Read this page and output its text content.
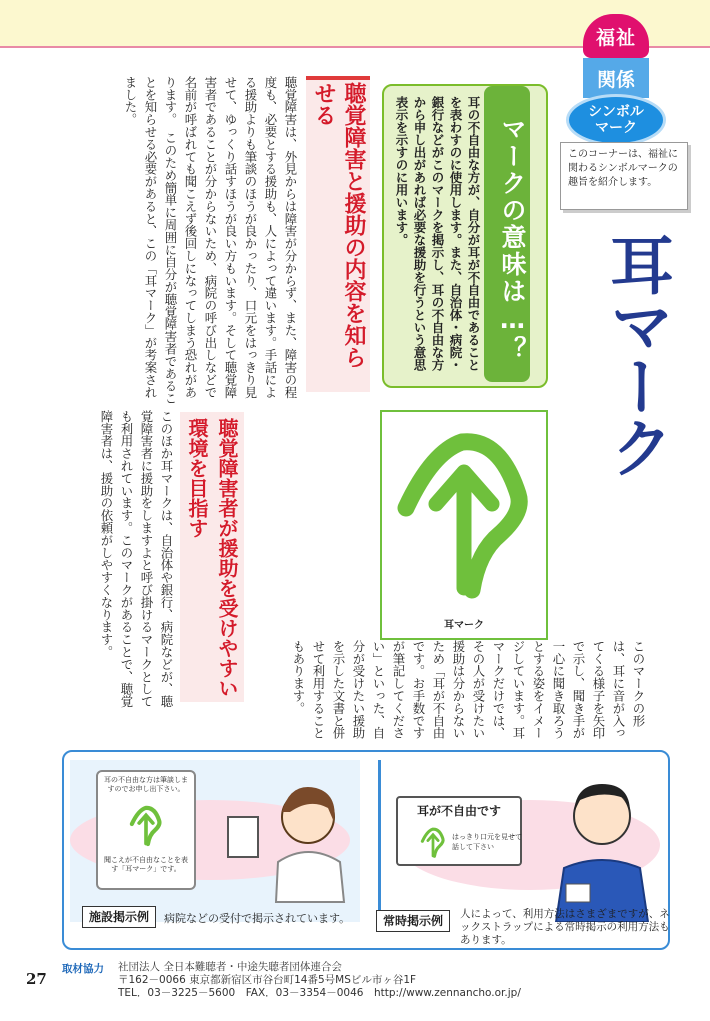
福祉
関係
シンボル
マーク
このコーナーは、福祉に関わるシンボルマークの趣旨を紹介します。
耳マーク
マークの意味は…？
耳の不自由な方が、自分が耳が不自由であることを表わすのに使用します。また、自治体・病院・銀行などがこのマークを掲示し、耳の不自由な方から申し出があれば必要な援助を行うという意思表示を示すのに用います。
耳マーク
聴覚障害と援助の内容を知らせる
聴覚障害は、外見からは障害が分からず、また、障害の程度も、必要とする援助も、人によって違います。手話による援助よりも筆談のほうが良かったり、口元をはっきり見せて、ゆっくり話すほうが良い方もいます。そして聴覚障害者であることが分からないため、病院の呼び出しなどで名前が呼ばれても聞こえず後回しになってしまう恐れがあります。　このため簡単に周囲に自分が聴覚障害者であることを知らせる必要があると、この「耳マーク」が考案されました。
聴覚障害者が援助を受けやすい環境を目指す
このマークの形は、耳に音が入ってくる様子を矢印で示し、聞き手が一心に聞き取ろう
とする姿をイメージしています。耳マークだけでは、その人が受けたい援助は分からないため「耳が不自由です。お手数ですが筆記してください」といった、自分が受けたい援助を示した文書と併せて利用することもあります。
このほか耳マークは、自治体や銀行、病院などが、聴覚障害者に援助をしますよと呼び掛けるマークとしても利用されています。このマークがあることで、聴覚障害者は、援助の依頼がしやすくなります。
耳の不自由な方は筆談しますのでお申し出下さい。
聞こえが不自由なことを表す「耳マーク」です。
耳が不自由です
はっきり口元を見せて話して下さい
施設掲示例	病院などの受付で掲示されています。	常時掲示例	人によって、利用方法はさまざまですが、ネックストラップによる常時掲示の利用方法もあります。
取材協力 社団法人 全日本難聴者・中途失聴者団体連合会
〒162－0066 東京都新宿区市谷台町14番5号MSビル市ヶ谷1F
TEL．03－3225－5600　FAX．03－3354－0046　http://www.zennancho.or.jp/
27
